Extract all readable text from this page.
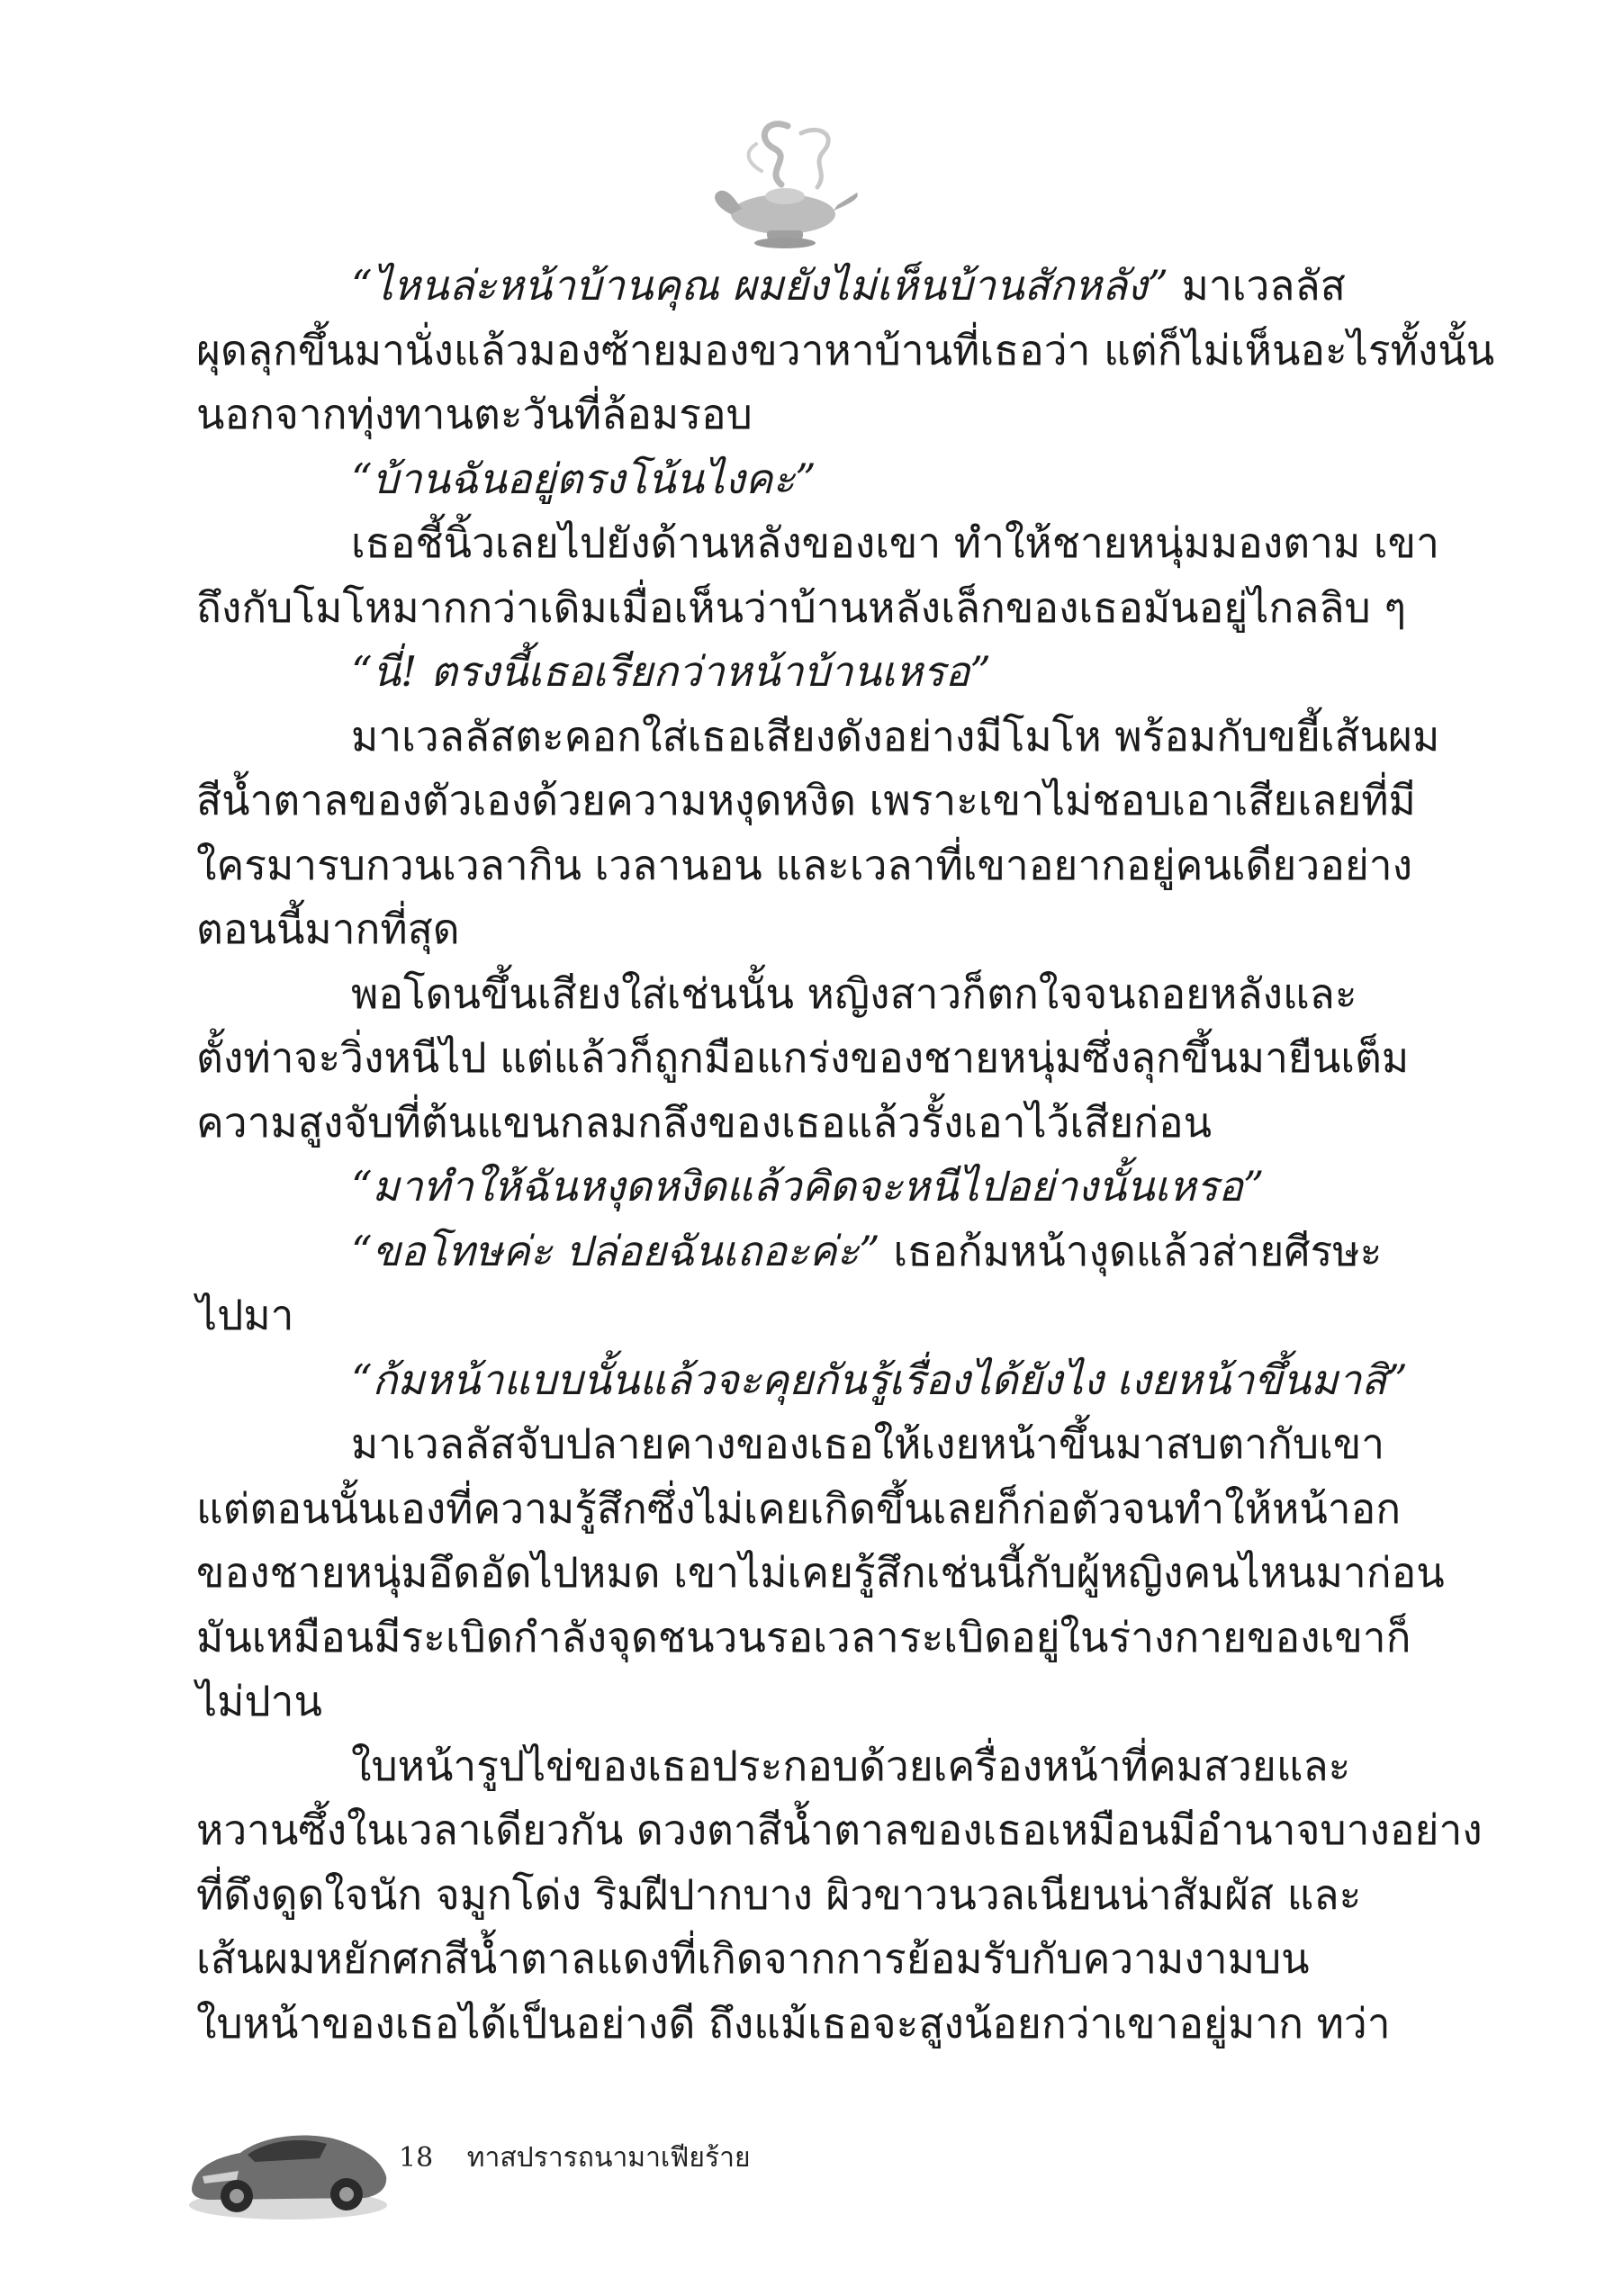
“ไหนล่ะหน้าบ้านคุณ ผมยังไม่เห็นบ้านสักหลัง” มาเวลลัส
ผุดลุกขึ้นมานั่งแล้วมองซ้ายมองขวาหาบ้านที่เธอว่า แต่ก็ไม่เห็นอะไรทั้งนั้น
นอกจากทุ่งทานตะวันที่ล้อมรอบ
“บ้านฉันอยู่ตรงโน้นไงคะ”
เธอชี้นิ้วเลยไปยังด้านหลังของเขา ทำให้ชายหนุ่มมองตาม เขา
ถึงกับโมโหมากกว่าเดิมเมื่อเห็นว่าบ้านหลังเล็กของเธอมันอยู่ไกลลิบ ๆ
“นี่! ตรงนี้เธอเรียกว่าหน้าบ้านเหรอ”
มาเวลลัสตะคอกใส่เธอเสียงดังอย่างมีโมโห พร้อมกับขยี้เส้นผม
สีน้ำตาลของตัวเองด้วยความหงุดหงิด เพราะเขาไม่ชอบเอาเสียเลยที่มี
ใครมารบกวนเวลากิน เวลานอน และเวลาที่เขาอยากอยู่คนเดียวอย่าง
ตอนนี้มากที่สุด
พอโดนขึ้นเสียงใส่เช่นนั้น หญิงสาวก็ตกใจจนถอยหลังและ
ตั้งท่าจะวิ่งหนีไป แต่แล้วก็ถูกมือแกร่งของชายหนุ่มซึ่งลุกขึ้นมายืนเต็ม
ความสูงจับที่ต้นแขนกลมกลึงของเธอแล้วรั้งเอาไว้เสียก่อน
“มาทำให้ฉันหงุดหงิดแล้วคิดจะหนีไปอย่างนั้นเหรอ”
“ขอโทษค่ะ ปล่อยฉันเถอะค่ะ” เธอก้มหน้างุดแล้วส่ายศีรษะ
ไปมา
“ก้มหน้าแบบนั้นแล้วจะคุยกันรู้เรื่องได้ยังไง เงยหน้าขึ้นมาสิ”
มาเวลลัสจับปลายคางของเธอให้เงยหน้าขึ้นมาสบตากับเขา
แต่ตอนนั้นเองที่ความรู้สึกซึ่งไม่เคยเกิดขึ้นเลยก็ก่อตัวจนทำให้หน้าอก
ของชายหนุ่มอึดอัดไปหมด เขาไม่เคยรู้สึกเช่นนี้กับผู้หญิงคนไหนมาก่อน
มันเหมือนมีระเบิดกำลังจุดชนวนรอเวลาระเบิดอยู่ในร่างกายของเขาก็
ไม่ปาน
ใบหน้ารูปไข่ของเธอประกอบด้วยเครื่องหน้าที่คมสวยและ
หวานซึ้งในเวลาเดียวกัน ดวงตาสีน้ำตาลของเธอเหมือนมีอำนาจบางอย่าง
ที่ดึงดูดใจนัก จมูกโด่ง ริมฝีปากบาง ผิวขาวนวลเนียนน่าสัมผัส และ
เส้นผมหยักศกสีน้ำตาลแดงที่เกิดจากการย้อมรับกับความงามบน
ใบหน้าของเธอได้เป็นอย่างดี ถึงแม้เธอจะสูงน้อยกว่าเขาอยู่มาก ทว่า
18 ทาสปรารถนามาเฟียร้าย
